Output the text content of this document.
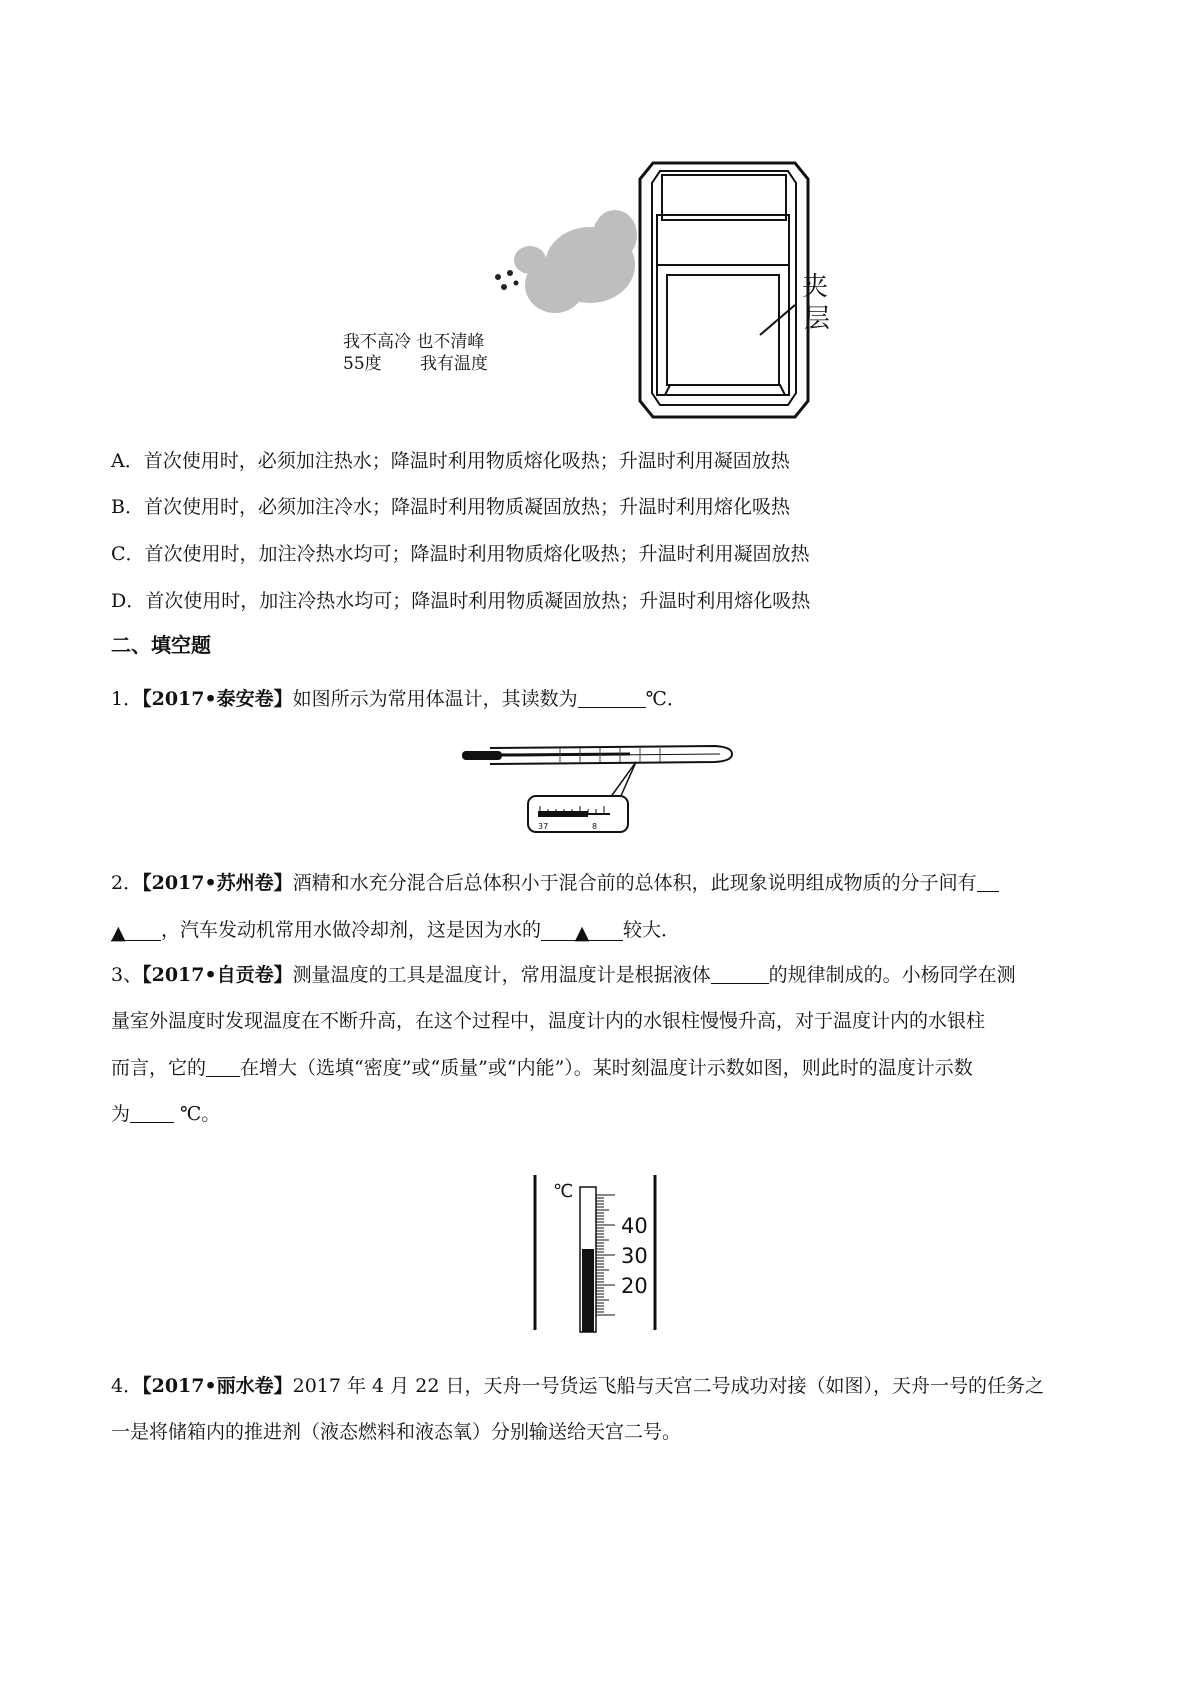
夹
层
我不高冷 也不清峰
55度 我有温度
A．首次使用时，必须加注热水；降温时利用物质熔化吸热；升温时利用凝固放热
B．首次使用时，必须加注冷水；降温时利用物质凝固放热；升温时利用熔化吸热
C．首次使用时，加注冷热水均可；降温时利用物质熔化吸热；升温时利用凝固放热
D．首次使用时，加注冷热水均可；降温时利用物质凝固放热；升温时利用熔化吸热
二、填空题
1．【2017•泰安卷】如图所示为常用体温计，其读数为	℃．
37	8
2．【2017•苏州卷】酒精和水充分混合后总体积小于混合前的总体积，此现象说明组成物质的分子间有
▲ ，汽车发动机常用水做冷却剂，这是因为水的 ▲ 较大．
3、【2017•自贡卷】测量温度的工具是温度计，常用温度计是根据液体	的规律制成的。小杨同学在测
量室外温度时发现温度在不断升高，在这个过程中，温度计内的水银柱慢慢升高，对于温度计内的水银柱
而言，它的 在增大（选填“密度”或“质量”或“内能”）。某时刻温度计示数如图，则此时的温度计示数
为 ℃。
℃
40
30
20
4．【2017•丽水卷】2017 年 4 月 22 日，天舟一号货运飞船与天宫二号成功对接（如图），天舟一号的任务之
一是将储箱内的推进剂（液态燃料和液态氧）分别输送给天宫二号。
